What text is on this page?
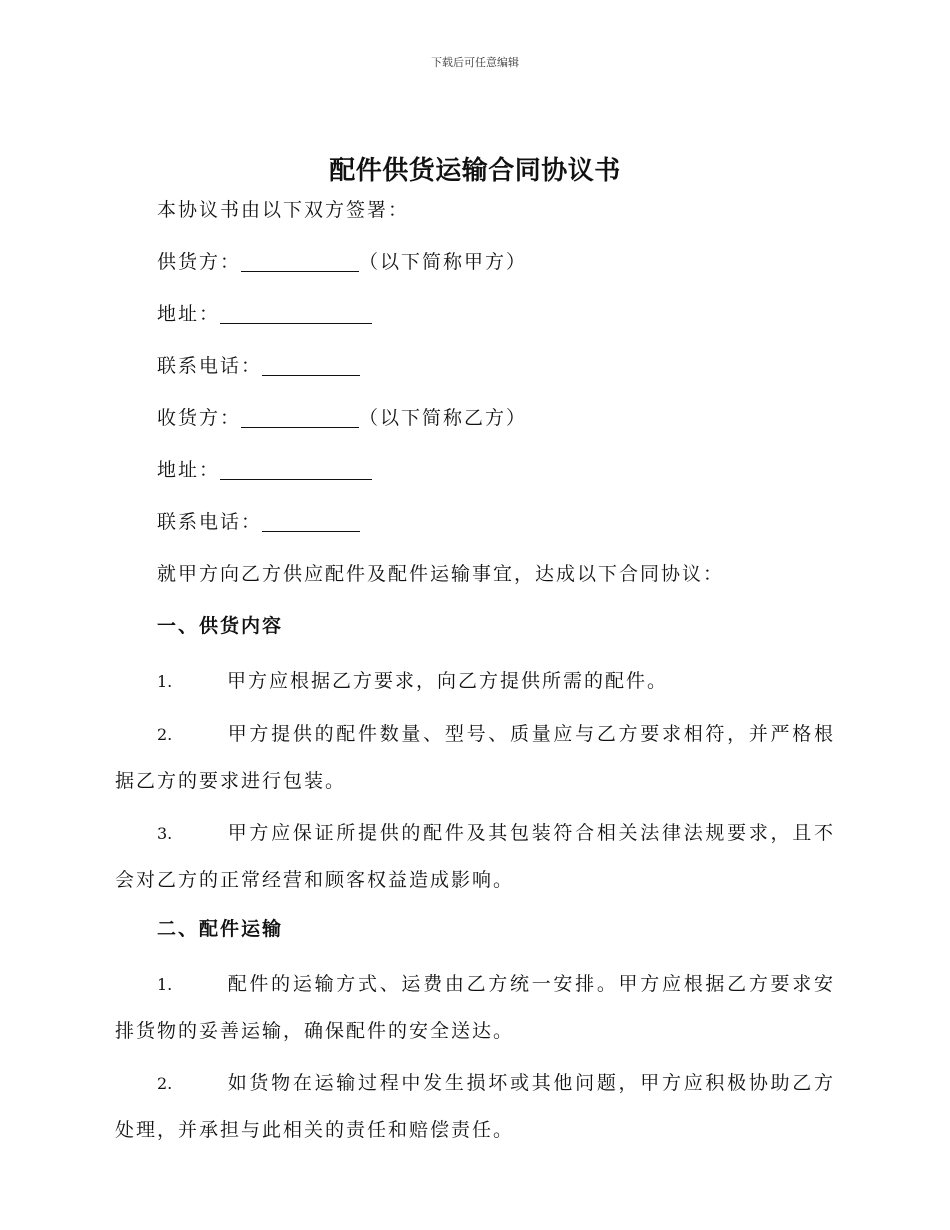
下载后可任意编辑
配件供货运输合同协议书
本协议书由以下双方签署：
供货方：	（以下简称甲方）
地址：
联系电话：
收货方：	（以下简称乙方）
地址：
联系电话：
就甲方向乙方供应配件及配件运输事宜，达成以下合同协议：
一、供货内容
1.	甲方应根据乙方要求，向乙方提供所需的配件。
2.	甲方提供的配件数量、型号、质量应与乙方要求相符，并严格根据乙方的要求进行包装。
3.	甲方应保证所提供的配件及其包装符合相关法律法规要求，且不会对乙方的正常经营和顾客权益造成影响。
二、配件运输
1.	配件的运输方式、运费由乙方统一安排。甲方应根据乙方要求安排货物的妥善运输，确保配件的安全送达。
2.	如货物在运输过程中发生损坏或其他问题，甲方应积极协助乙方处理，并承担与此相关的责任和赔偿责任。
